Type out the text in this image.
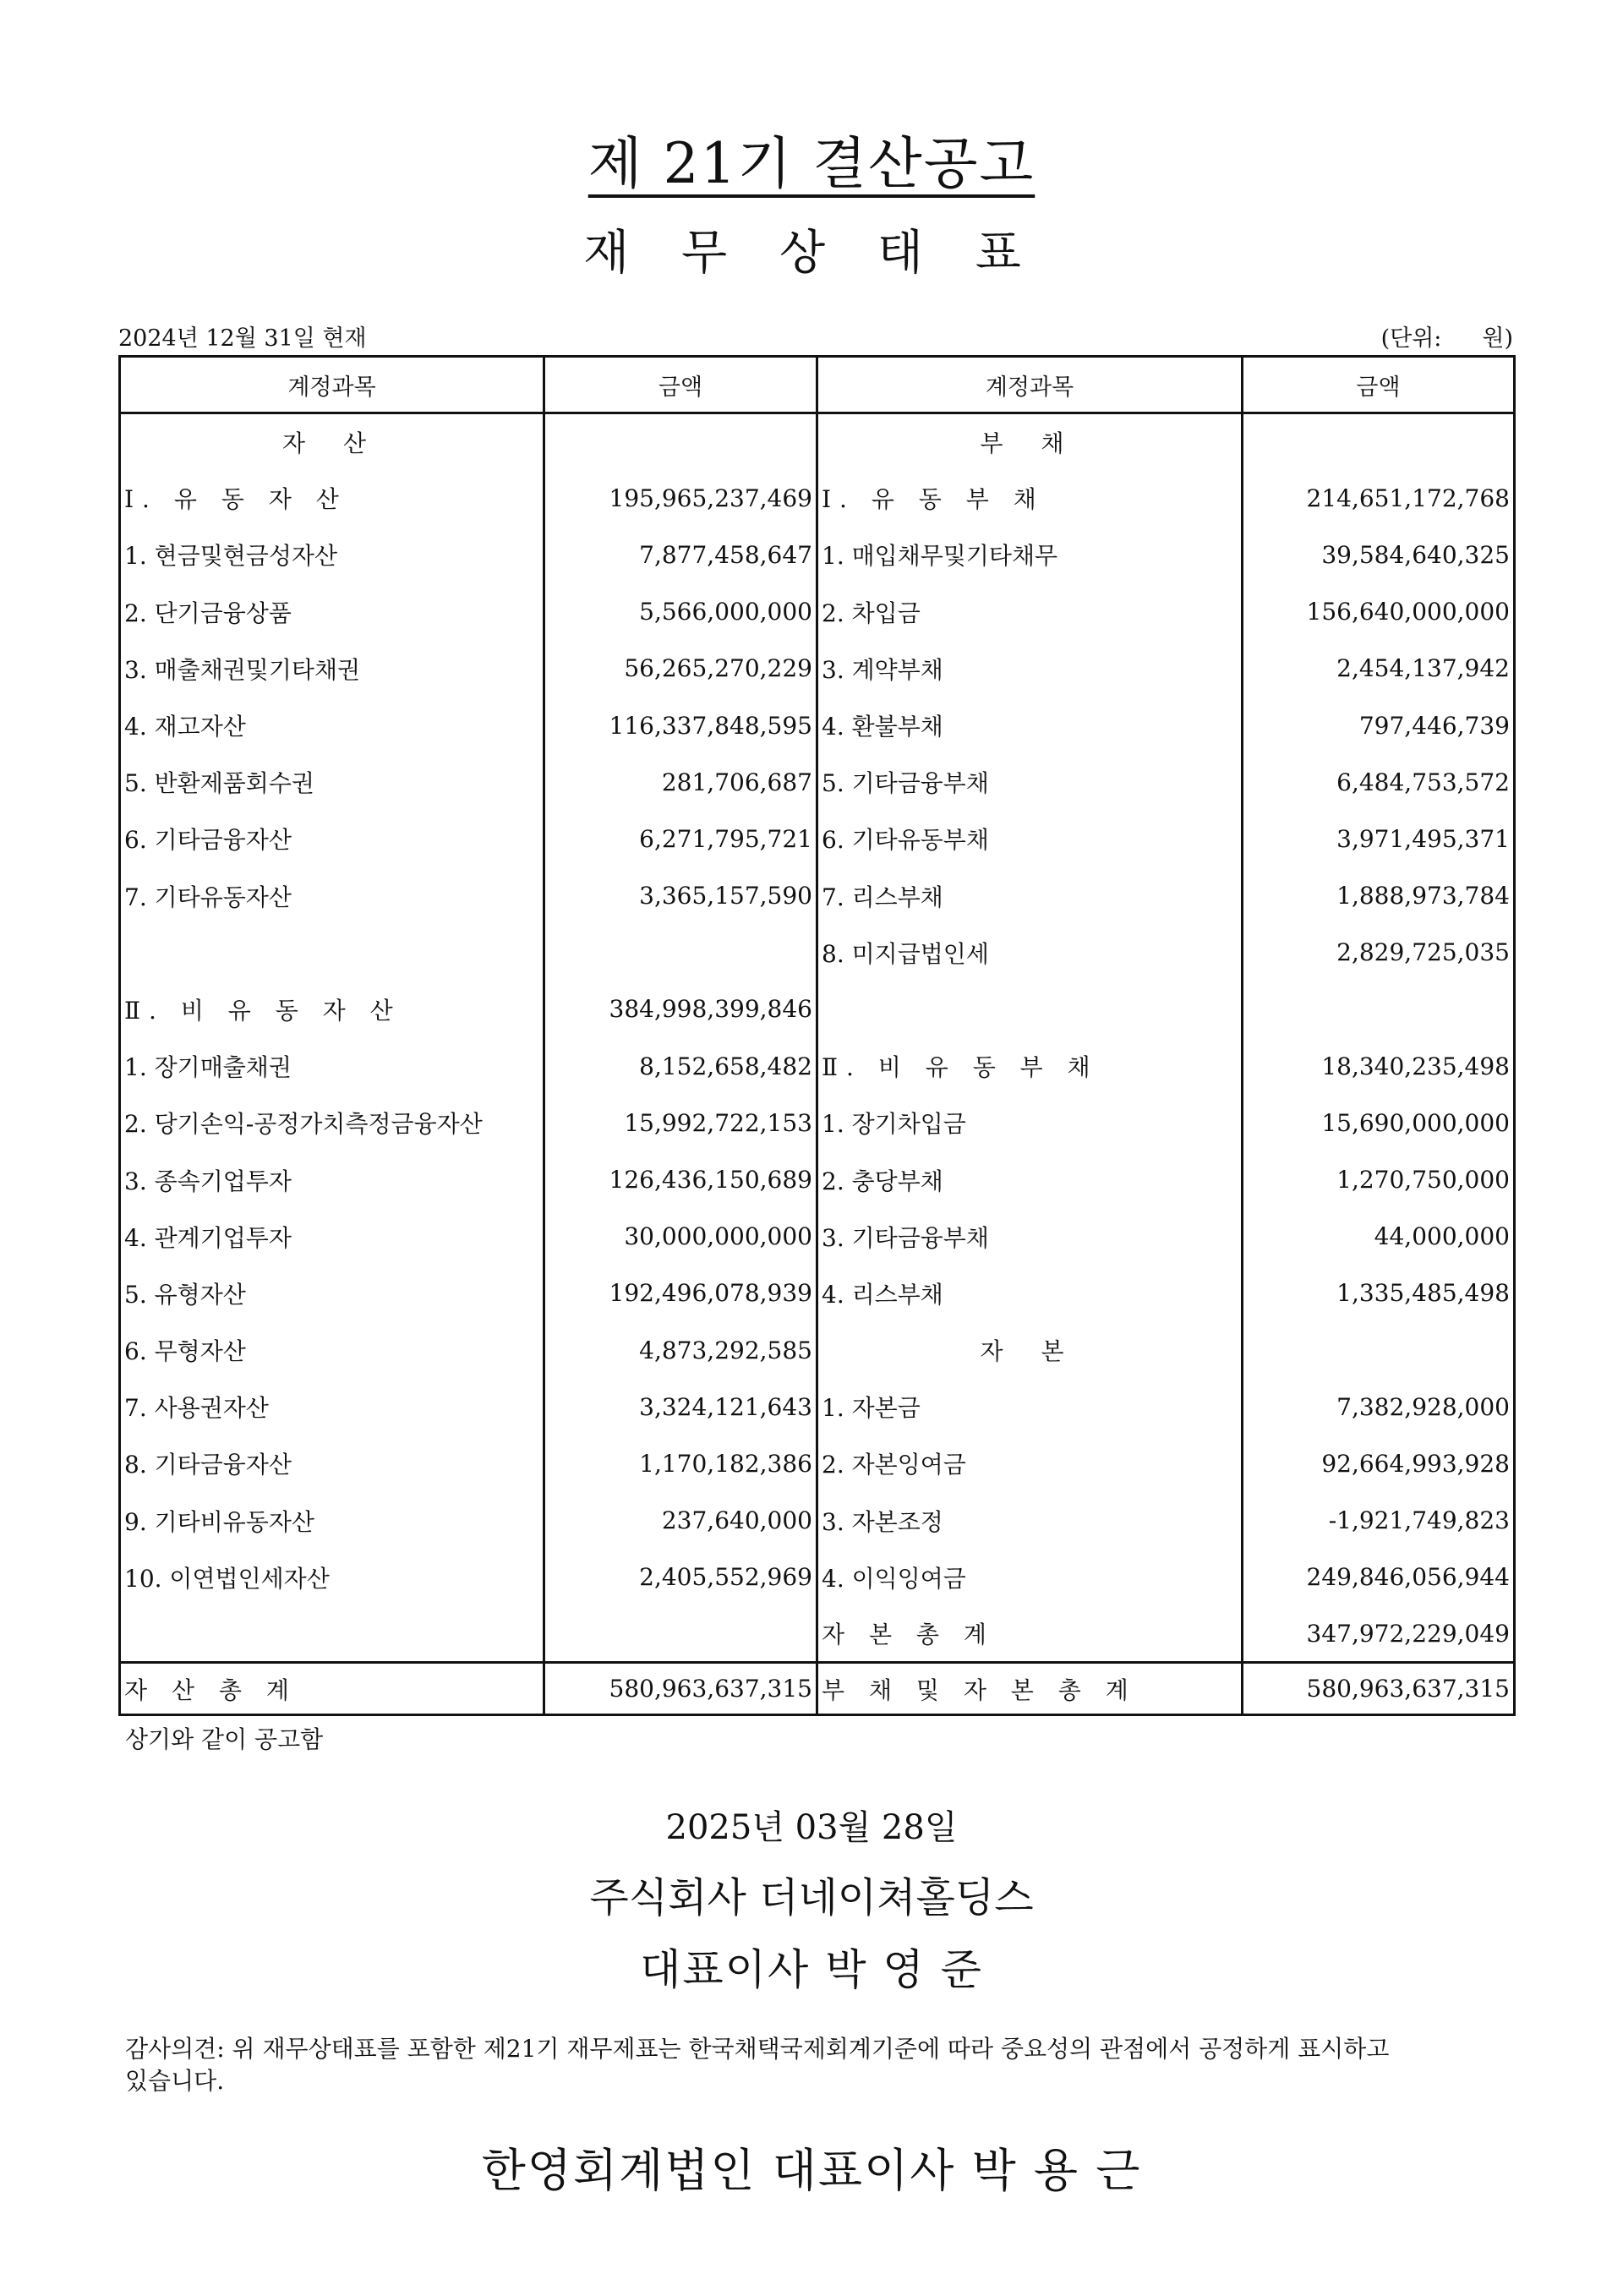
제 21기 결산공고
재 무 상 태 표
2024년 12월 31일 현재	(단위: 원)
계정과목	금액	계정과목	금액
자 산		부 채	
Ⅰ. 유 동 자 산	195,965,237,469	Ⅰ. 유 동 부 채	214,651,172,768
1. 현금및현금성자산	7,877,458,647	1. 매입채무및기타채무	39,584,640,325
2. 단기금융상품	5,566,000,000	2. 차입금	156,640,000,000
3. 매출채권및기타채권	56,265,270,229	3. 계약부채	2,454,137,942
4. 재고자산	116,337,848,595	4. 환불부채	797,446,739
5. 반환제품회수권	281,706,687	5. 기타금융부채	6,484,753,572
6. 기타금융자산	6,271,795,721	6. 기타유동부채	3,971,495,371
7. 기타유동자산	3,365,157,590	7. 리스부채	1,888,973,784
		8. 미지급법인세	2,829,725,035
Ⅱ. 비 유 동 자 산	384,998,399,846		
1. 장기매출채권	8,152,658,482	Ⅱ. 비 유 동 부 채	18,340,235,498
2. 당기손익-공정가치측정금융자산	15,992,722,153	1. 장기차입금	15,690,000,000
3. 종속기업투자	126,436,150,689	2. 충당부채	1,270,750,000
4. 관계기업투자	30,000,000,000	3. 기타금융부채	44,000,000
5. 유형자산	192,496,078,939	4. 리스부채	1,335,485,498
6. 무형자산	4,873,292,585	자 본	
7. 사용권자산	3,324,121,643	1. 자본금	7,382,928,000
8. 기타금융자산	1,170,182,386	2. 자본잉여금	92,664,993,928
9. 기타비유동자산	237,640,000	3. 자본조정	-1,921,749,823
10. 이연법인세자산	2,405,552,969	4. 이익잉여금	249,846,056,944
		자 본 총 계	347,972,229,049
자 산 총 계	580,963,637,315	부 채 및 자 본 총 계	580,963,637,315
상기와 같이 공고함
2025년 03월 28일
주식회사 더네이쳐홀딩스
대표이사 박 영 준
감사의견: 위 재무상태표를 포함한 제21기 재무제표는 한국채택국제회계기준에 따라 중요성의 관점에서 공정하게 표시하고 있습니다.
한영회계법인 대표이사 박 용 근
